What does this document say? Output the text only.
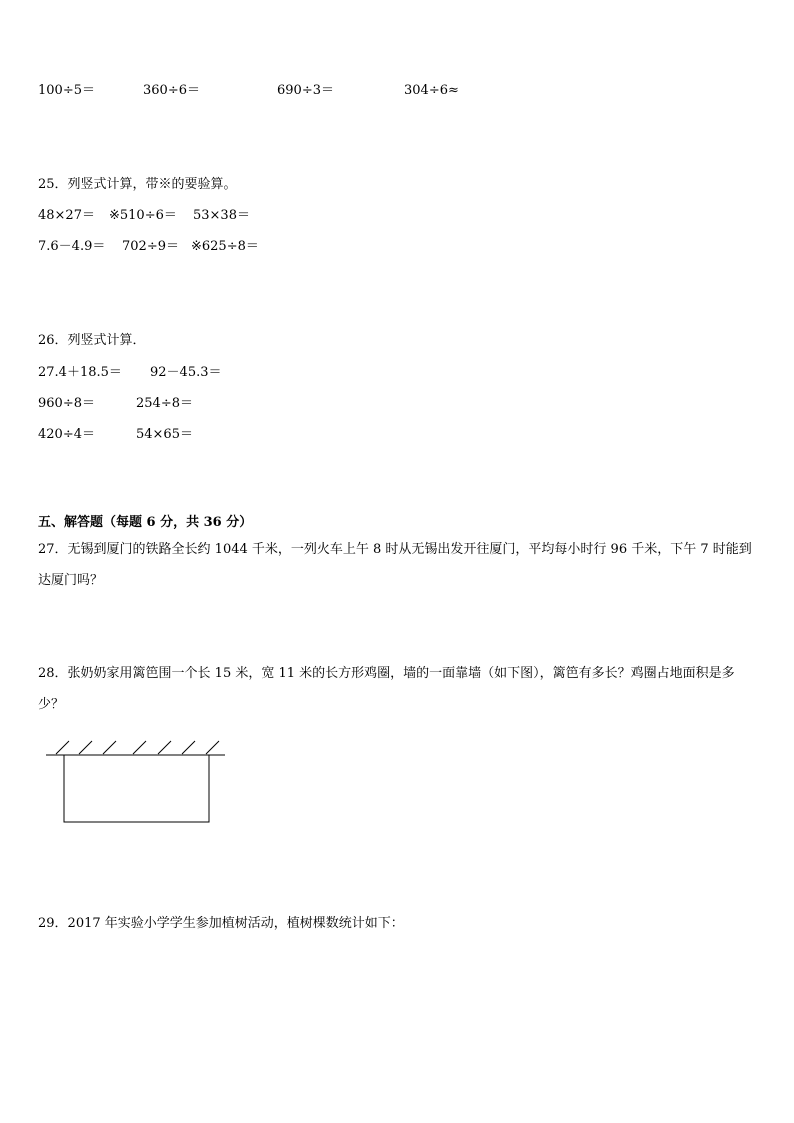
100÷5＝	360÷6＝	690÷3＝	304÷6≈
25．列竖式计算，带※的要验算。
48×27＝ ※510÷6＝ 53×38＝
7.6－4.9＝ 702÷9＝ ※625÷8＝
26．列竖式计算．
27.4＋18.5＝ 92－45.3＝
960÷8＝	254÷8＝
420÷4＝	54×65＝
五、解答题（每题 6 分，共 36 分）
27．无锡到厦门的铁路全长约 1044 千米，一列火车上午 8 时从无锡出发开往厦门，平均每小时行 96 千米，下午 7 时能到达厦门吗？
28．张奶奶家用篱笆围一个长 15 米，宽 11 米的长方形鸡圈，墙的一面靠墙（如下图），篱笆有多长？鸡圈占地面积是多少？
29．2017 年实验小学学生参加植树活动，植树棵数统计如下：
